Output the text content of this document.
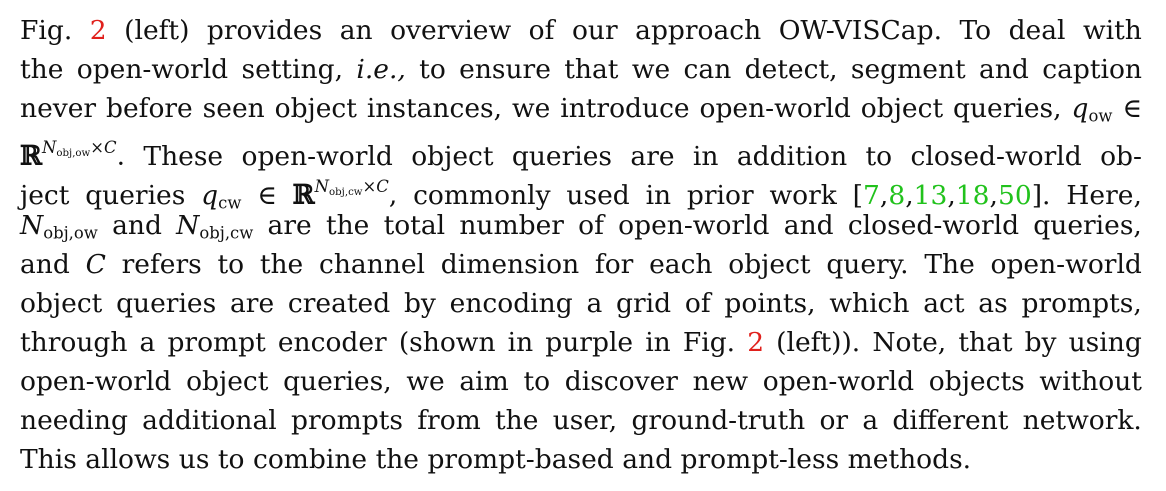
Fig. 2 (left) provides an overview of our approach OW-VISCap. To deal with
the open-world setting, i.e., to ensure that we can detect, segment and caption
never before seen object instances, we introduce open-world object queries, $q_{ow}$ ∈
ℝ$^{N_{obj,ow}\times C}$. These open-world object queries are in addition to closed-world ob-
ject queries $q_{cw}$ ∈ ℝ$^{N_{obj,cw}\times C}$, commonly used in prior work [7,8,13,18,50]. Here,
$N_{obj,ow}$ and $N_{obj,cw}$ are the total number of open-world and closed-world queries,
and C refers to the channel dimension for each object query. The open-world
object queries are created by encoding a grid of points, which act as prompts,
through a prompt encoder (shown in purple in Fig. 2 (left)). Note, that by using
open-world object queries, we aim to discover new open-world objects without
needing additional prompts from the user, ground-truth or a different network.
This allows us to combine the prompt-based and prompt-less methods.
